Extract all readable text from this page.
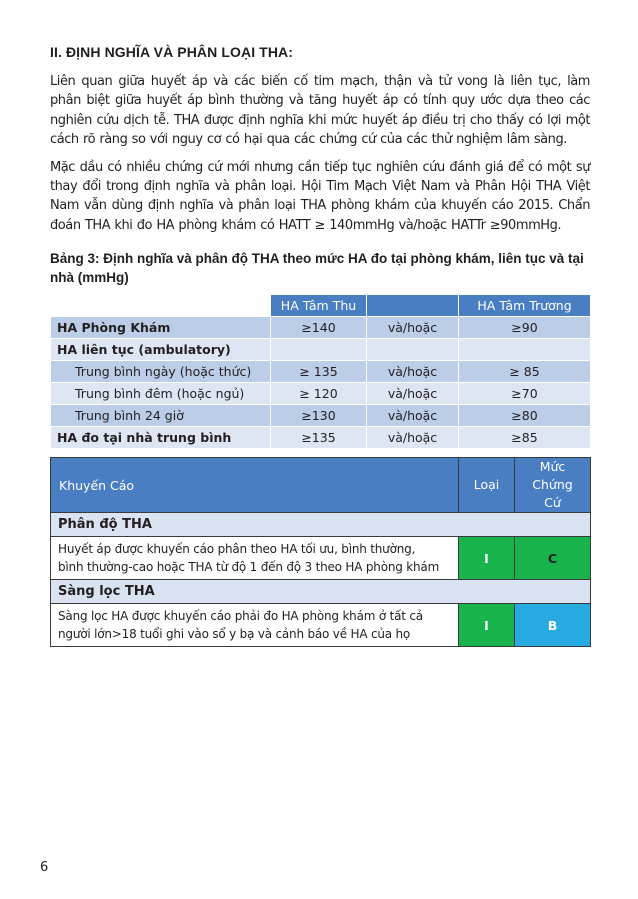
II. ĐỊNH NGHĨA VÀ PHÂN LOẠI THA:

Liên quan giữa huyết áp và các biến cố tim mạch, thận và tử vong là liên tục, làm phân biệt giữa huyết áp bình thường và tăng huyết áp có tính quy ước dựa theo các nghiên cứu dịch tễ. THA được định nghĩa khi mức huyết áp điều trị cho thấy có lợi một cách rõ ràng so với nguy cơ có hại qua các chứng cứ của các thử nghiệm lâm sàng.

Mặc dầu có nhiều chứng cứ mới nhưng cần tiếp tục nghiên cứu đánh giá để có một sự thay đổi trong định nghĩa và phân loại. Hội Tim Mạch Việt Nam và Phân Hội THA Việt Nam vẫn dùng định nghĩa và phân loại THA phòng khám của khuyến cáo 2015. Chẩn đoán THA khi đo HA phòng khám có HATT ≥ 140mmHg và/hoặc HATTr ≥90mmHg.

Bảng 3: Định nghĩa và phân độ THA theo mức HA đo tại phòng khám, liên tục và tại nhà (mmHg)
	HA Tâm Thu		HA Tâm Trương
HA Phòng Khám	≥140	và/hoặc	≥90
HA liên tục (ambulatory)			
Trung bình ngày (hoặc thức)	≥ 135	và/hoặc	≥ 85
Trung bình đêm (hoặc ngủ)	≥ 120	và/hoặc	≥70
Trung bình 24 giờ	≥130	và/hoặc	≥80
HA đo tại nhà trung bình	≥135	và/hoặc	≥85
Khuyến Cáo	Loại	Mức
Chứng Cứ
Phân độ THA		
Huyết áp được khuyến cáo phân theo HA tối ưu, bình thường,
bình thường-cao hoặc THA từ độ 1 đến độ 3 theo HA phòng khám	I	C
Sàng lọc THA		
Sàng lọc HA được khuyến cáo phải đo HA phòng khám ở tất cả
người lớn>18 tuổi ghi vào sổ y bạ và cảnh báo về HA của họ	I	B
6
